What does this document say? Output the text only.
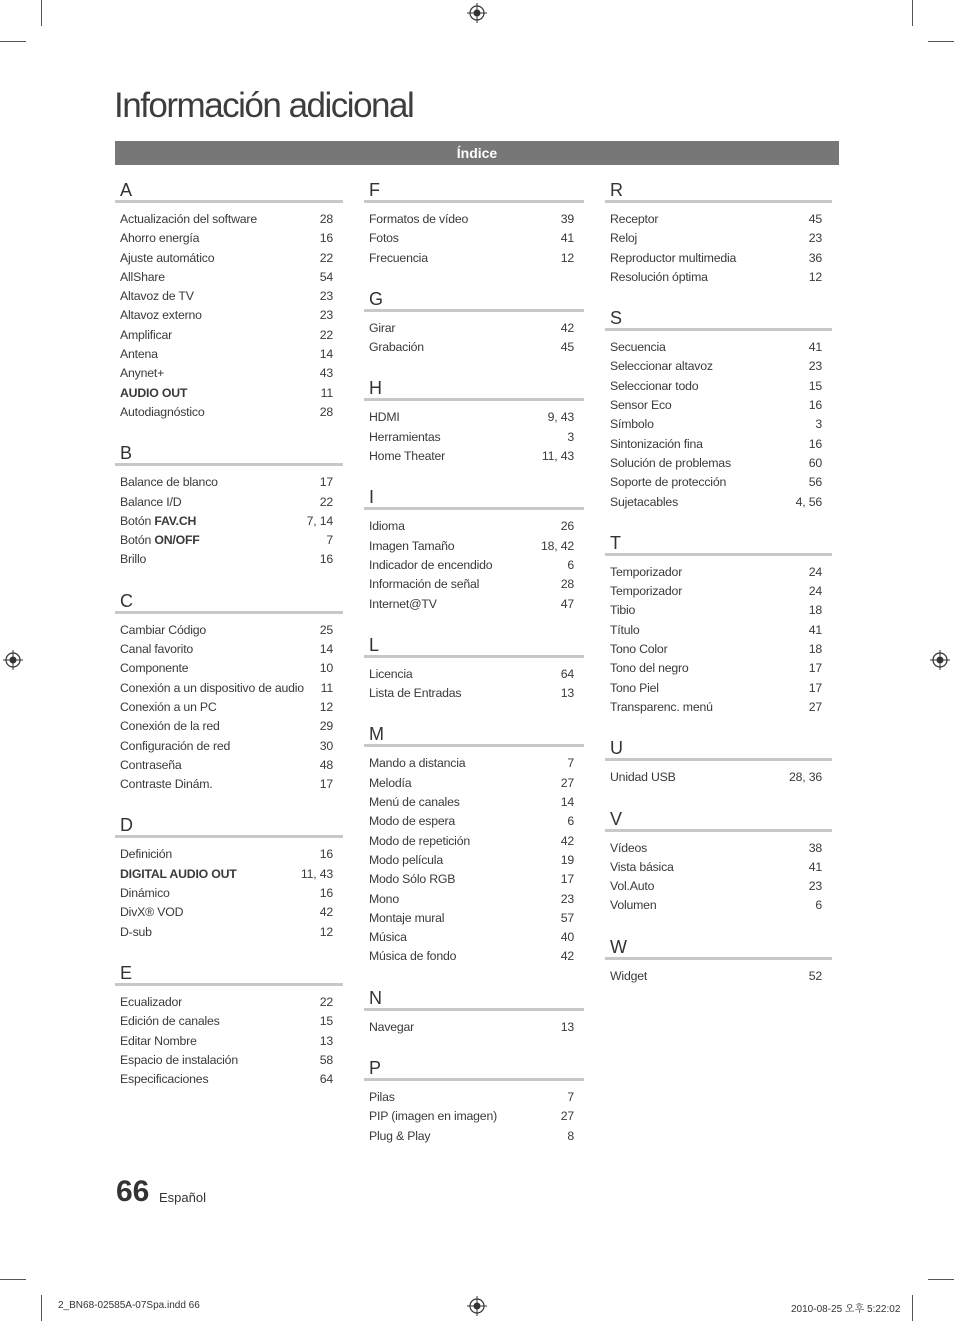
Información adicional
Índice
A
Actualización del software	28
Ahorro energía	16
Ajuste automático	22
AllShare	54
Altavoz de TV	23
Altavoz externo	23
Amplificar	22
Antena	14
Anynet+	43
AUDIO OUT	11
Autodiagnóstico	28
B
Balance de blanco	17
Balance I/D	22
Botón FAV.CH	7, 14
Botón ON/OFF	7
Brillo	16
C
Cambiar Código	25
Canal favorito	14
Componente	10
Conexión a un dispositivo de audio 11
Conexión a un PC	12
Conexión de la red	29
Configuración de red	30
Contraseña	48
Contraste Dinám.	17
D
Definición	16
DIGITAL AUDIO OUT	11, 43
Dinámico	16
DivX® VOD	42
D-sub	12
E
Ecualizador	22
Edición de canales	15
Editar Nombre	13
Espacio de instalación	58
Especificaciones	64
F
Formatos de vídeo	39
Fotos	41
Frecuencia	12
G
Girar	42
Grabación	45
H
HDMI	9, 43
Herramientas	3
Home Theater	11, 43
I
Idioma	26
Imagen Tamaño	18, 42
Indicador de encendido	6
Información de señal	28
Internet@TV	47
L
Licencia	64
Lista de Entradas	13
M
Mando a distancia	7
Melodía	27
Menú de canales	14
Modo de espera	6
Modo de repetición	42
Modo película	19
Modo Sólo RGB	17
Mono	23
Montaje mural	57
Música	40
Música de fondo	42
N
Navegar	13
P
Pilas	7
PIP (imagen en imagen)	27
Plug & Play	8
R
Receptor	45
Reloj	23
Reproductor multimedia	36
Resolución óptima	12
S
Secuencia	41
Seleccionar altavoz	23
Seleccionar todo	15
Sensor Eco	16
Símbolo	3
Sintonización fina	16
Solución de problemas	60
Soporte de protección	56
Sujetacables	4, 56
T
Temporizador	24
Temporizador	24
Tibio	18
Título	41
Tono Color	18
Tono del negro	17
Tono Piel	17
Transparenc. menú	27
U
Unidad USB	28, 36
V
Vídeos	38
Vista básica	41
Vol.Auto	23
Volumen	6
W
Widget	52
66 Español
2_BN68-02585A-07Spa.indd 66	2010-08-25 오후 5:22:02
